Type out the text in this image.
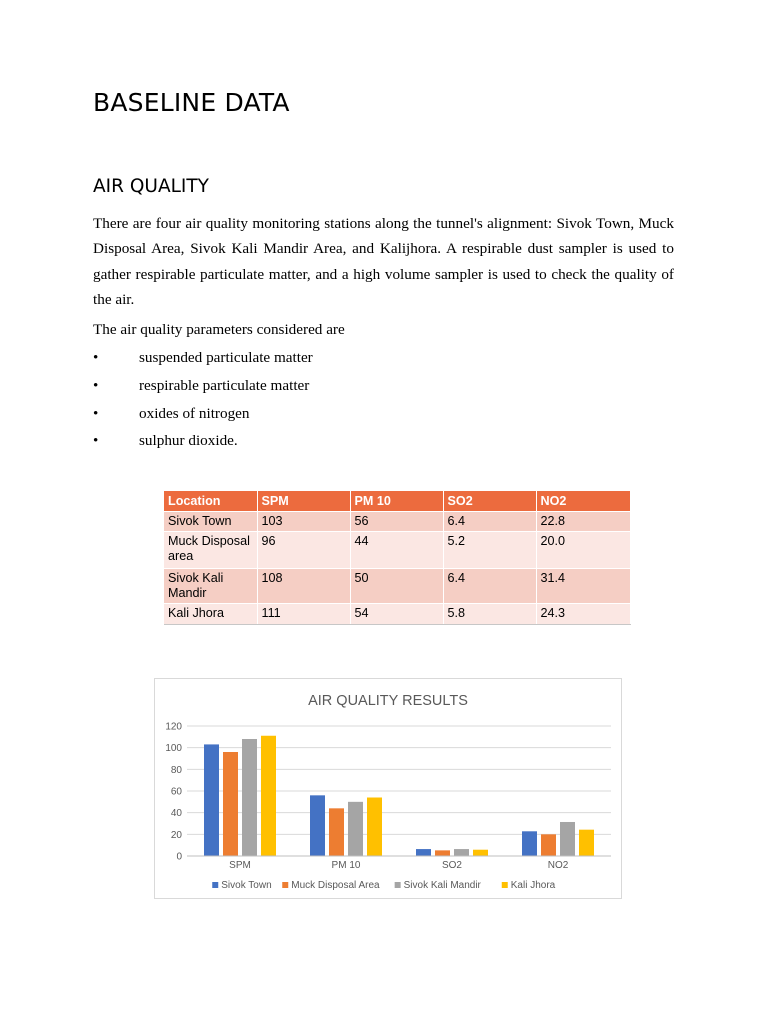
BASELINE DATA
AIR QUALITY

There are four air quality monitoring stations along the tunnel's alignment: Sivok Town, Muck Disposal Area, Sivok Kali Mandir Area, and Kalijhora. A respirable dust sampler is used to gather respirable particulate matter, and a high volume sampler is used to check the quality of the air.

The air quality parameters considered are

•	suspended particulate matter
•	respirable particulate matter
•	oxides of nitrogen
•	sulphur dioxide.
Location	SPM	PM 10	SO2	NO2
Sivok Town	103	56	6.4	22.8
Muck Disposal area	96	44	5.2	20.0
Sivok Kali Mandir	108	50	6.4	31.4
Kali Jhora	111	54	5.8	24.3
AIR QUALITY RESULTS
0
20
40
60
80
100
120
SPM	PM 10	SO2	NO2
Sivok Town Muck Disposal Area Sivok Kali Mandir	Kali Jhora
